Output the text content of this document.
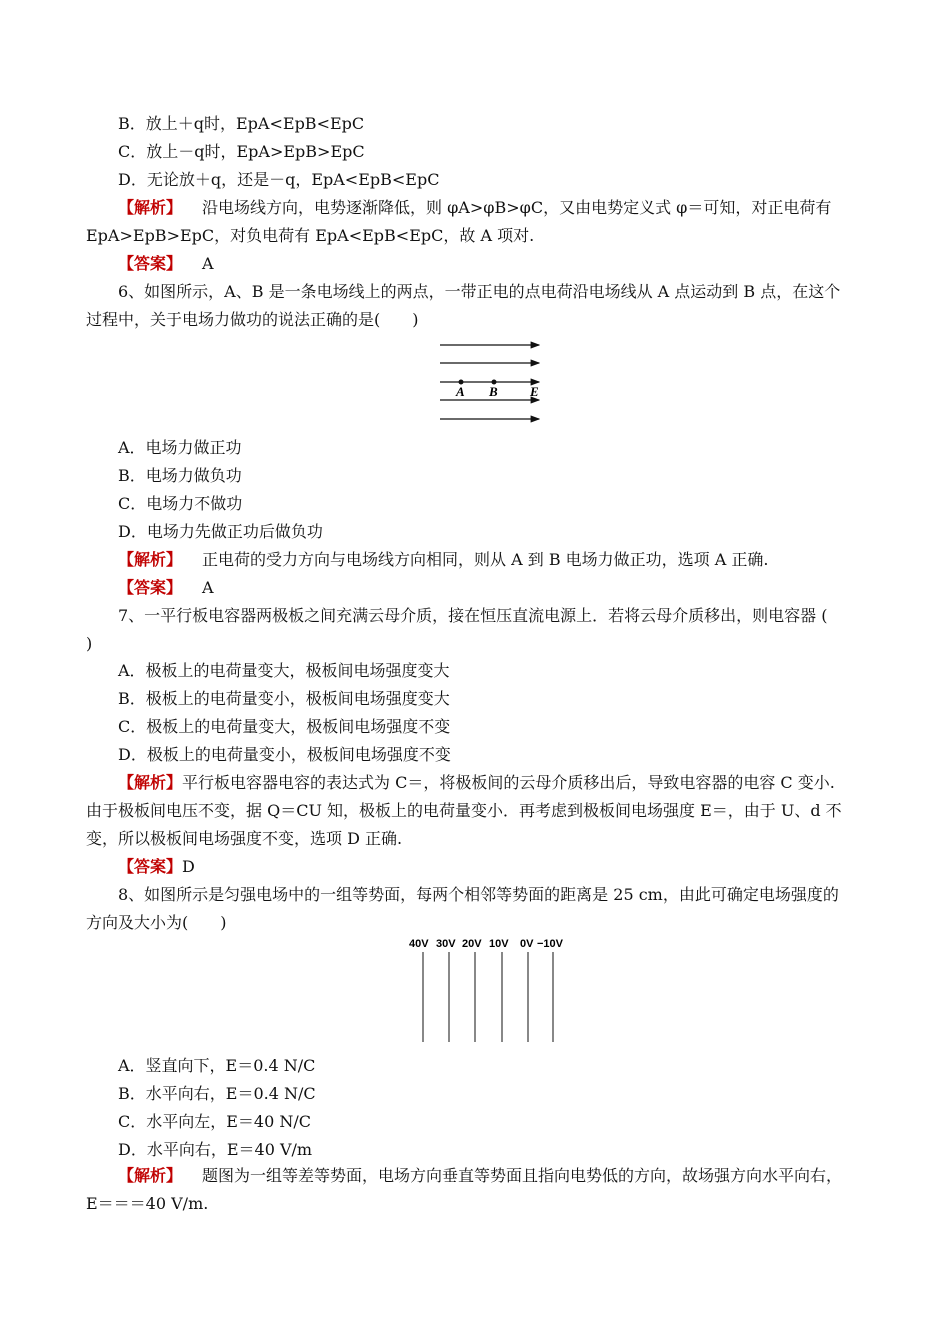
B．放上＋q时，EpA<EpB<EpC
C．放上－q时，EpA>EpB>EpC
D．无论放＋q，还是－q，EpA<EpB<EpC
【解析】 沿电场线方向，电势逐渐降低，则 φA>φB>φC，又由电势定义式 φ＝可知，对正电荷有
EpA>EpB>EpC，对负电荷有 EpA<EpB<EpC，故 A 项对.
【答案】 A
6、如图所示，A、B 是一条电场线上的两点，一带正电的点电荷沿电场线从 A 点运动到 B 点，在这个
过程中，关于电场力做功的说法正确的是(　　)
A B E
A．电场力做正功
B．电场力做负功
C．电场力不做功
D．电场力先做正功后做负功
【解析】 正电荷的受力方向与电场线方向相同，则从 A 到 B 电场力做正功，选项 A 正确.
【答案】 A
7、一平行板电容器两极板之间充满云母介质，接在恒压直流电源上．若将云母介质移出，则电容器 (
)
A．极板上的电荷量变大，极板间电场强度变大
B．极板上的电荷量变小，极板间电场强度变大
C．极板上的电荷量变大，极板间电场强度不变
D．极板上的电荷量变小，极板间电场强度不变
【解析】平行板电容器电容的表达式为 C＝，将极板间的云母介质移出后，导致电容器的电容 C 变小.
由于极板间电压不变，据 Q＝CU 知，极板上的电荷量变小．再考虑到极板间电场强度 E＝，由于 U、d 不
变，所以极板间电场强度不变，选项 D 正确.
【答案】D
8、如图所示是匀强电场中的一组等势面，每两个相邻等势面的距离是 25 cm，由此可确定电场强度的
方向及大小为(　　)
40V 30V 20V 10V 0V −10V
A．竖直向下，E＝0.4 N/C
B．水平向右，E＝0.4 N/C
C．水平向左，E＝40 N/C
D．水平向右，E＝40 V/m
【解析】 题图为一组等差等势面，电场方向垂直等势面且指向电势低的方向，故场强方向水平向右，
E＝＝＝40 V/m.
